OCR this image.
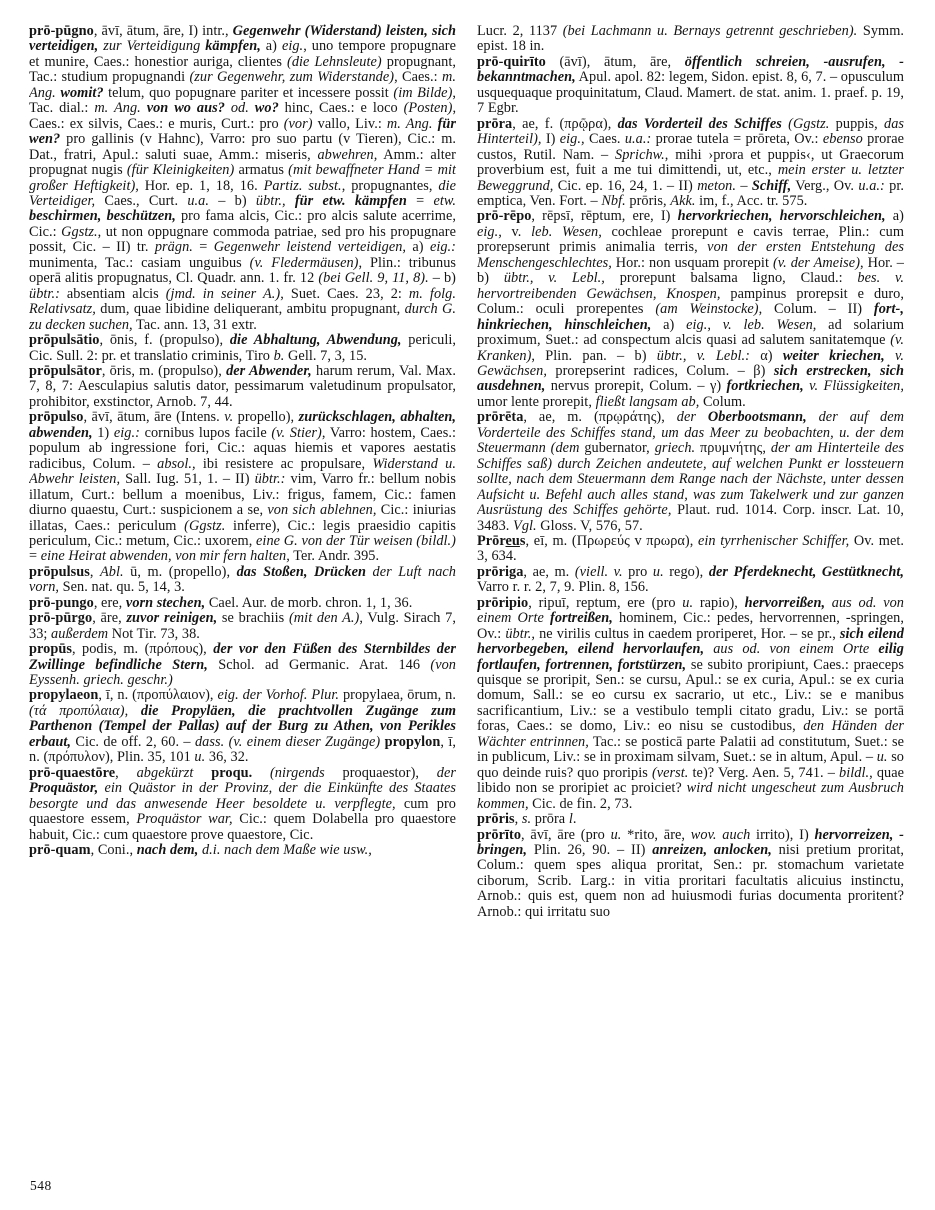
prō-pūgno, āvī, ātum, āre, I) intr., Gegenwehr (Widerstand) leisten, sich verteidigen, zur Verteidigung kämpfen, a) eig., uno tempore propugnare et munire, Caes.: honestior auriga, clientes (die Lehnsleute) propugnant, Tac.: studium propugnandi (zur Gegenwehr, zum Widerstande), Caes.: m. Ang. womit? telum, quo popugnare pariter et incessere possit (im Bilde), Tac. dial.: m. Ang. von wo aus? od. wo? hinc, Caes.: e loco (Posten), Caes.: ex silvis, Caes.: e muris, Curt.: pro (vor) vallo, Liv.: m. Ang. für wen? pro gallinis (v Hahnc), Varro: pro suo partu (v Tieren), Cic.: m. Dat., fratri, Apul.: saluti suae, Amm.: miseris, abwehren, Amm.: alter propugnat nugis (für Kleinigkeiten) armatus (mit bewaffneter Hand = mit großer Heftigkeit), Hor. ep. 1, 18, 16. Partiz. subst., propugnantes, die Verteidiger, Caes., Curt. u.a. – b) übtr., für etw. kämpfen = etw. beschirmen, beschützen, pro fama alcis, Cic.: pro alcis salute acerrime, Cic.: Ggstz., ut non oppugnare commoda patriae, sed pro his propugnare possit, Cic. – II) tr. prägn. = Gegenwehr leistend verteidigen, a) eig.: munimenta, Tac.: casiam unguibus (v. Fledermäusen), Plin.: tribunus operā alitis propugnatus, Cl. Quadr. ann. 1. fr. 12 (bei Gell. 9, 11, 8). – b) übtr.: absentiam alcis (jmd. in seiner A.), Suet. Caes. 23, 2: m. folg. Relativsatz, dum, quae libidine deliquerant, ambitu propugnant, durch G. zu decken suchen, Tac. ann. 13, 31 extr.

prōpulsātio, ōnis, f. (propulso), die Abhaltung, Abwendung, periculi, Cic. Sull. 2: pr. et translatio criminis, Tiro b. Gell. 7, 3, 15.

prōpulsātor, ōris, m. (propulso), der Abwender, harum rerum, Val. Max. 7, 8, 7: Aesculapius salutis dator, pessimarum valetudinum propulsator, prohibitor, exstinctor, Arnob. 7, 44.

prōpulso, āvī, ātum, āre (Intens. v. propello), zurückschlagen, abhalten, abwenden, 1) eig.: cornibus lupos facile (v. Stier), Varro: hostem, Caes.: populum ab ingressione fori, Cic.: aquas hiemis et vapores aestatis radicibus, Colum. – absol., ibi resistere ac propulsare, Widerstand u. Abwehr leisten, Sall. Iug. 51, 1. – II) übtr.: vim, Varro fr.: bellum nobis illatum, Curt.: bellum a moenibus, Liv.: frigus, famem, Cic.: famen diurno quaestu, Curt.: suspicionem a se, von sich ablehnen, Cic.: iniurias illatas, Caes.: periculum (Ggstz. inferre), Cic.: legis praesidio capitis periculum, Cic.: metum, Cic.: uxorem, eine G. von der Tür weisen (bildl.) = eine Heirat abwenden, von mir fern halten, Ter. Andr. 395.

prōpulsus, Abl. ū, m. (propello), das Stoßen, Drücken der Luft nach vorn, Sen. nat. qu. 5, 14, 3.

prō-pungo, ere, vorn stechen, Cael. Aur. de morb. chron. 1, 1, 36.

prō-pūrgo, āre, zuvor reinigen, se brachiis (mit den A.), Vulg. Sirach 7, 33; außerdem Not Tir. 73, 38.

propūs, podis, m. (πρόπους), der vor den Füßen des Sternbildes der Zwillinge befindliche Stern, Schol. ad Germanic. Arat. 146 (von Eyssenh. griech. geschr.)

propylaeon, ī, n. (προπύλαιον), eig. der Vorhof. Plur. propylaea, ōrum, n. (τά προπύλαια), die Propyläen, die prachtvollen Zugänge zum Parthenon (Tempel der Pallas) auf der Burg zu Athen, von Perikles erbaut, Cic. de off. 2, 60. – dass. (v. einem dieser Zugänge) propylon, ī, n. (πρόπυλον), Plin. 35, 101 u. 36, 32.

prō-quaestōre, abgekürzt proqu. (nirgends proquaestor), der Proquästor, ein Quästor in der Provinz, der die Einkünfte des Staates besorgte und das anwesende Heer besoldete u. verpflegte, cum pro quaestore essem, Proquästor war, Cic.: quem Dolabella pro quaestore habuit, Cic.: cum quaestore prove quaestore, Cic.

prō-quam, Coni., nach dem, d.i. nach dem Maße wie usw.,

Lucr. 2, 1137 (bei Lachmann u. Bernays getrennt geschrieben). Symm. epist. 18 in.

prō-quirīto (āvī), ātum, āre, öffentlich schreien, -ausrufen, -bekanntmachen, Apul. apol. 82: legem, Sidon. epist. 8, 6, 7. – opusculum usquequaque proquinitatum, Claud. Mamert. de stat. anim. 1. praef. p. 19, 7 Egbr.

prōra, ae, f. (πρῷρα), das Vorderteil des Schiffes (Ggstz. puppis, das Hinterteil), I) eig., Caes. u.a.: prorae tutela = prōreta, Ov.: ebenso prorae custos, Rutil. Nam. – Sprichw., mihi ›prora et puppis‹, ut Graecorum proverbium est, fuit a me tui dimittendi, ut, etc., mein erster u. letzter Beweggrund, Cic. ep. 16, 24, 1. – II) meton. – Schiff, Verg., Ov. u.a.: pr. emptica, Ven. Fort. – Nbf. prōris, Akk. im, f., Acc. tr. 575.

prō-rēpo, rēpsī, rēptum, ere, I) hervorkriechen, hervorschleichen, a) eig., v. leb. Wesen, cochleae prorepunt e cavis terrae, Plin.: cum prorepserunt primis animalia terris, von der ersten Entstehung des Menschengeschlechtes, Hor.: non usquam prorepit (v. der Ameise), Hor. – b) übtr., v. Lebl., prorepunt balsama ligno, Claud.: bes. v. hervortreibenden Gewächsen, Knospen, pampinus prorepsit e duro, Colum.: oculi prorepentes (am Weinstocke), Colum. – II) fort-, hinkriechen, hinschleichen, a) eig., v. leb. Wesen, ad solarium proximum, Suet.: ad conspectum alcis quasi ad salutem sanitatemque (v. Kranken), Plin. pan. – b) übtr., v. Lebl.: α) weiter kriechen, v. Gewächsen, prorepserint radices, Colum. – β) sich erstrecken, sich ausdehnen, nervus prorepit, Colum. – γ) fortkriechen, v. Flüssigkeiten, umor lente prorepit, fließt langsam ab, Colum.

prōrēta, ae, m. (πρῳράτης), der Oberbootsmann, der auf dem Vorderteile des Schiffes stand, um das Meer zu beobachten, u. der dem Steuermann (dem gubernator, griech. πρυμνήτης, der am Hinterteile des Schiffes saß) durch Zeichen andeutete, auf welchen Punkt er lossteuern sollte, nach dem Steuermann dem Range nach der Nächste, unter dessen Aufsicht u. Befehl auch alles stand, was zum Takelwerk und zur ganzen Ausrüstung des Schiffes gehörte, Plaut. rud. 1014. Corp. inscr. Lat. 10, 3483. Vgl. Gloss. V, 576, 57.

Prōreus, eī, m. (Πρωρεύς v πρωρα), ein tyrrhenischer Schiffer, Ov. met. 3, 634.

prōriga, ae, m. (viell. v. pro u. rego), der Pferdeknecht, Gestütknecht, Varro r. r. 2, 7, 9. Plin. 8, 156.

prōripio, ripuī, reptum, ere (pro u. rapio), hervorreißen, aus od. von einem Orte fortreißen, hominem, Cic.: pedes, hervorrennen, -springen, Ov.: übtr., ne virilis cultus in caedem proriperet, Hor. – se pr., sich eilend hervorbegeben, eilend hervorlaufen, aus od. von einem Orte eilig fortlaufen, fortrennen, fortstürzen, se subito proripiunt, Caes.: praeceps quisque se proripit, Sen.: se cursu, Apul.: se ex curia, Apul.: se ex curia domum, Sall.: se eo cursu ex sacrario, ut etc., Liv.: se e manibus sacrificantium, Liv.: se a vestibulo templi citato gradu, Liv.: se portā foras, Caes.: se domo, Liv.: eo nisu se custodibus, den Händen der Wächter entrinnen, Tac.: se posticā parte Palatii ad constitutum, Suet.: se in publicum, Liv.: se in proximam silvam, Suet.: se in altum, Apul. – u. so quo deinde ruis? quo proripis (verst. te)? Verg. Aen. 5, 741. – bildl., quae libido non se proripiet ac proiciet? wird nicht ungescheut zum Ausbruch kommen, Cic. de fin. 2, 73.

prōris, s. prōra l.

prōrīto, āvī, āre (pro u. *rito, āre, wov. auch irrito), I) hervorreizen, -bringen, Plin. 26, 90. – II) anreizen, anlocken, nisi pretium proritat, Colum.: quem spes aliqua proritat, Sen.: pr. stomachum varietate ciborum, Scrib. Larg.: in vitia proritari facultatis alicuius instinctu, Arnob.: quis est, quem non ad huiusmodi furias documenta proritent? Arnob.: qui irritatu suo

548
